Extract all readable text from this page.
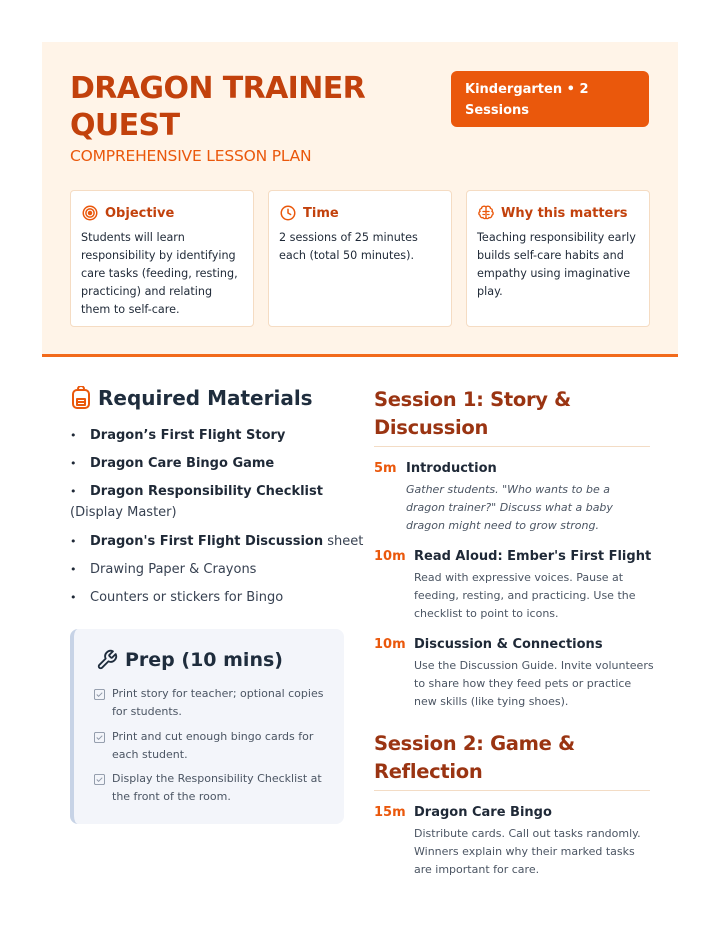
DRAGON TRAINER QUEST
COMPREHENSIVE LESSON PLAN
Kindergarten • 2 Sessions
Objective
Students will learn responsibility by identifying care tasks (feeding, resting, practicing) and relating them to self-care.
Time
2 sessions of 25 minutes each (total 50 minutes).
Why this matters
Teaching responsibility early builds self-care habits and empathy using imaginative play.
Required Materials
• Dragon’s First Flight Story
• Dragon Care Bingo Game
• Dragon Responsibility Checklist
(Display Master)
• Dragon's First Flight Discussion sheet
• Drawing Paper & Crayons
• Counters or stickers for Bingo
Prep (10 mins)
Print story for teacher; optional copies for students.
Print and cut enough bingo cards for each student.
Display the Responsibility Checklist at the front of the room.
Session 1: Story & Discussion
5m Introduction
Gather students. "Who wants to be a dragon trainer?" Discuss what a baby dragon might need to grow strong.
10m Read Aloud: Ember's First Flight
Read with expressive voices. Pause at feeding, resting, and practicing. Use the checklist to point to icons.
10m Discussion & Connections
Use the Discussion Guide. Invite volunteers to share how they feed pets or practice new skills (like tying shoes).
Session 2: Game & Reflection
15m Dragon Care Bingo
Distribute cards. Call out tasks randomly. Winners explain why their marked tasks are important for care.
